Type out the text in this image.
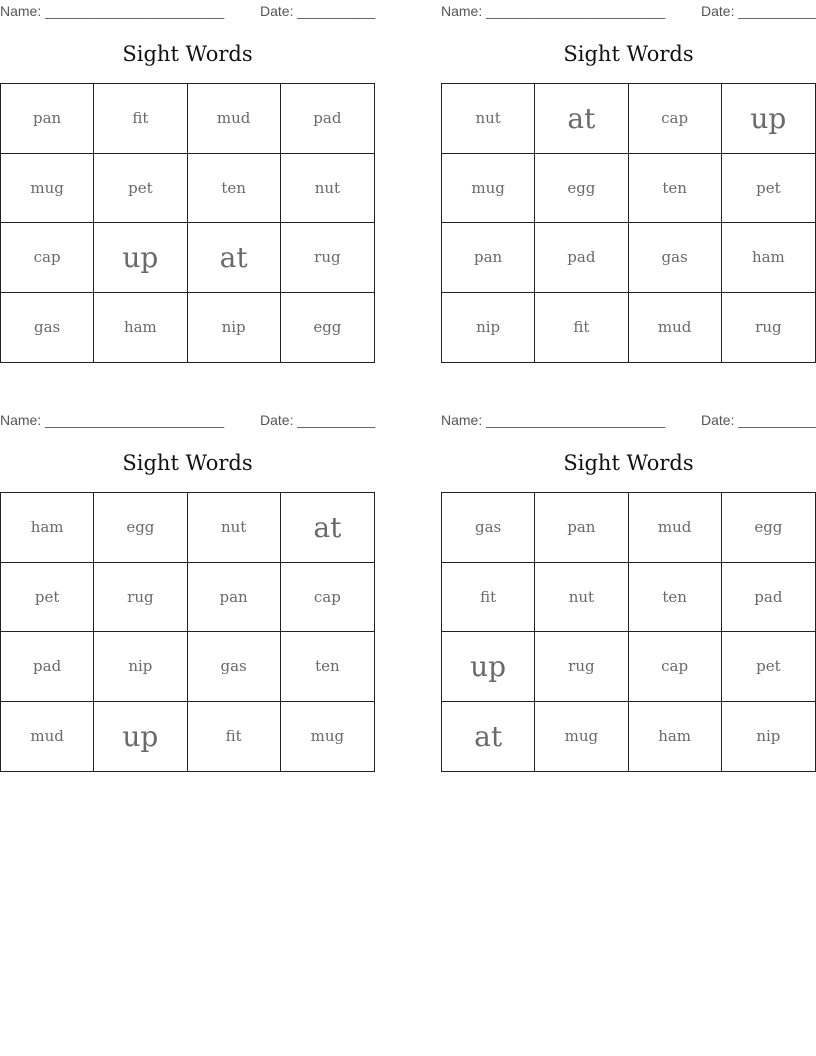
Name: _______________________	Date: __________
Sight Words
pan	fit	mud	pad
mug	pet	ten	nut
cap	up	at	rug
gas	ham	nip	egg
Name: _______________________	Date: __________
Sight Words
nut	at	cap	up
mug	egg	ten	pet
pan	pad	gas	ham
nip	fit	mud	rug
Name: _______________________	Date: __________
Sight Words
ham	egg	nut	at
pet	rug	pan	cap
pad	nip	gas	ten
mud	up	fit	mug
Name: _______________________	Date: __________
Sight Words
gas	pan	mud	egg
fit	nut	ten	pad
up	rug	cap	pet
at	mug	ham	nip
